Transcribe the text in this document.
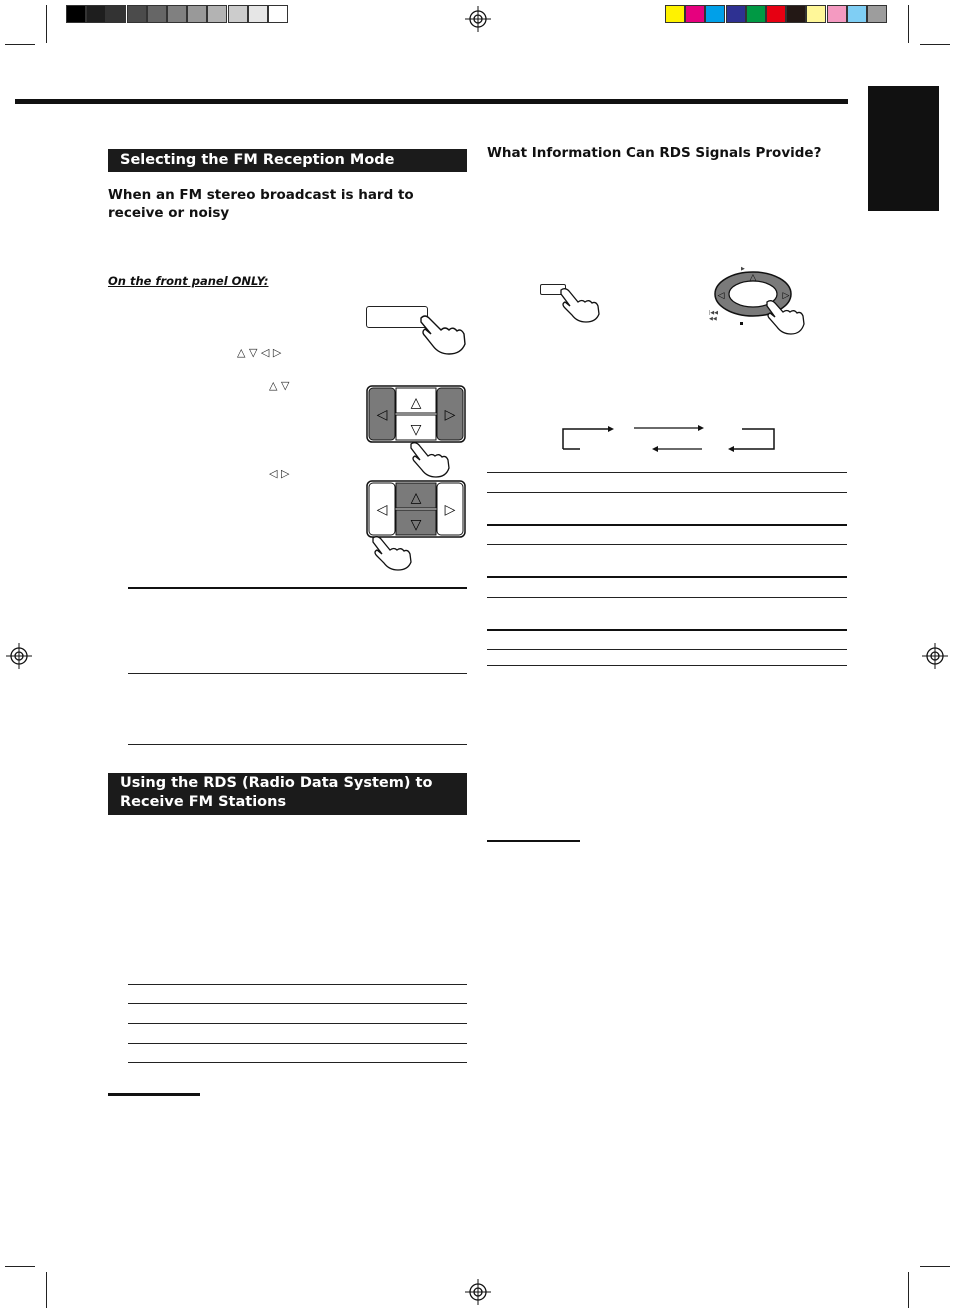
Selecting the FM Reception Mode
When an FM stereo broadcast is hard to receive or noisy
On the front panel ONLY:
△ ▽ ◁ ▷
△ ▽
◁	▷
△
▽
◁ ▷
◁	▷
△
▽
Using the RDS (Radio Data System) to Receive FM Stations
What Information Can RDS Signals Provide?
▶
△
◁	▷
|◀◀
◀◀
